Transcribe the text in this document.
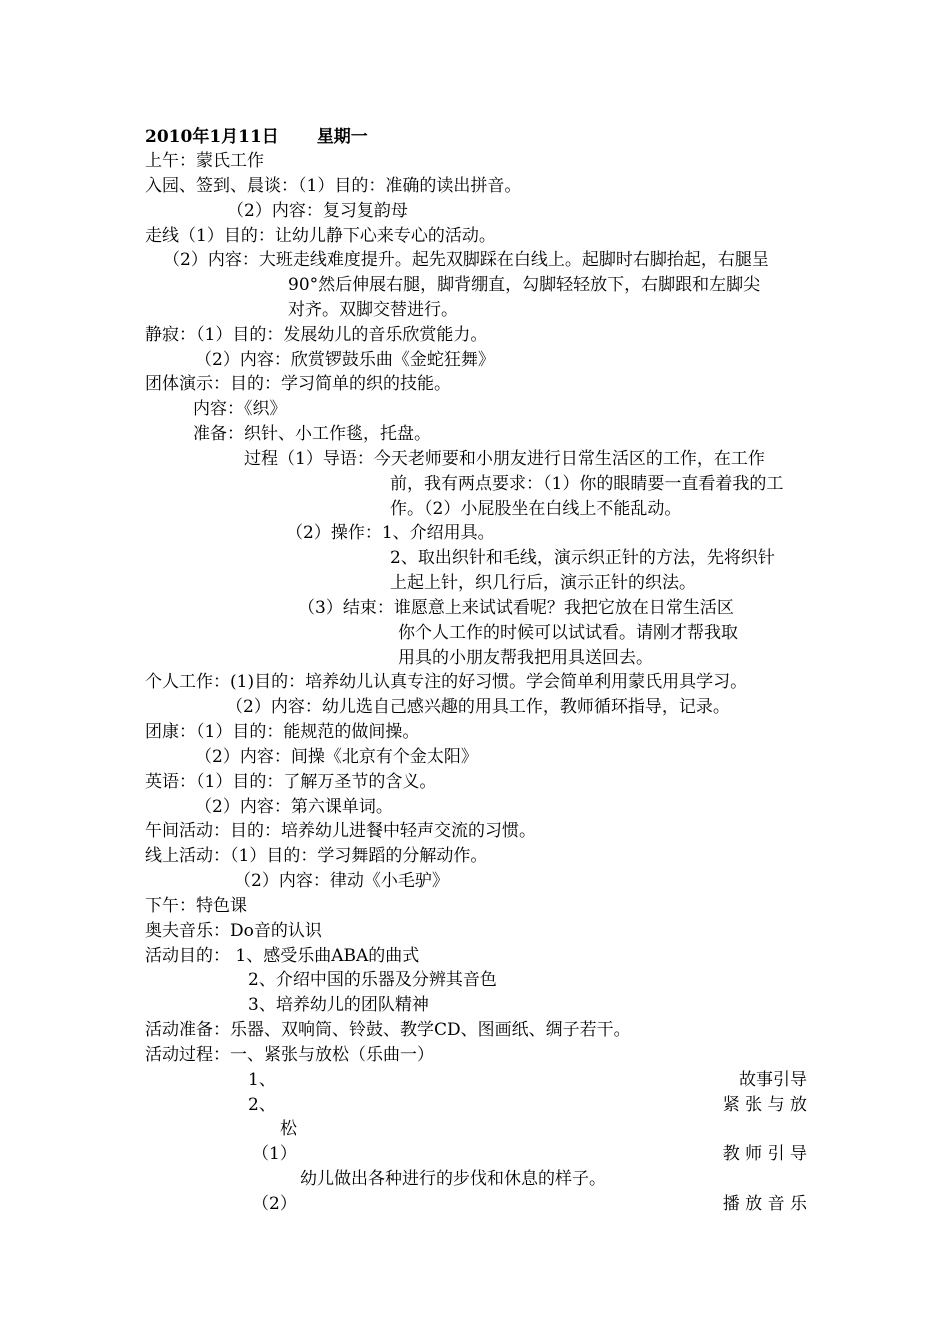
2010年1月11日 星期一
上午：蒙氏工作
入园、签到、晨谈：（1）目的：准确的读出拼音。
（2）内容：复习复韵母
走线（1）目的：让幼儿静下心来专心的活动。
（2）内容：大班走线难度提升。起先双脚踩在白线上。起脚时右脚抬起，右腿呈
90°然后伸展右腿，脚背绷直，勾脚轻轻放下，右脚跟和左脚尖
对齐。双脚交替进行。
静寂：（1）目的：发展幼儿的音乐欣赏能力。
（2）内容：欣赏锣鼓乐曲《金蛇狂舞》
团体演示：目的：学习简单的织的技能。
内容：《织》
准备：织针、小工作毯，托盘。
过程（1）导语：今天老师要和小朋友进行日常生活区的工作，在工作
前，我有两点要求：（1）你的眼睛要一直看着我的工
作。（2）小屁股坐在白线上不能乱动。
（2）操作：1、介绍用具。
2、取出织针和毛线，演示织正针的方法，先将织针
上起上针，织几行后，演示正针的织法。
（3）结束：谁愿意上来试试看呢？我把它放在日常生活区
你个人工作的时候可以试试看。请刚才帮我取
用具的小朋友帮我把用具送回去。
个人工作：(1)目的：培养幼儿认真专注的好习惯。学会简单利用蒙氏用具学习。
（2）内容：幼儿选自己感兴趣的用具工作，教师循环指导，记录。
团康：（1）目的：能规范的做间操。
（2）内容：间操《北京有个金太阳》
英语：（1）目的：了解万圣节的含义。
（2）内容：第六课单词。
午间活动：目的：培养幼儿进餐中轻声交流的习惯。
线上活动：（1）目的：学习舞蹈的分解动作。
（2）内容：律动《小毛驴》
下午：特色课
奥夫音乐：Do音的认识
活动目的： 1、感受乐曲ABA的曲式
2、介绍中国的乐器及分辨其音色
3、培养幼儿的团队精神
活动准备：乐器、双响筒、铃鼓、教学CD、图画纸、绸子若干。
活动过程：一、紧张与放松（乐曲一）
1、	故事引导
2、	紧 张 与 放
松
（1）	教 师 引 导
幼儿做出各种进行的步伐和休息的样子。
（2）	播 放 音 乐
